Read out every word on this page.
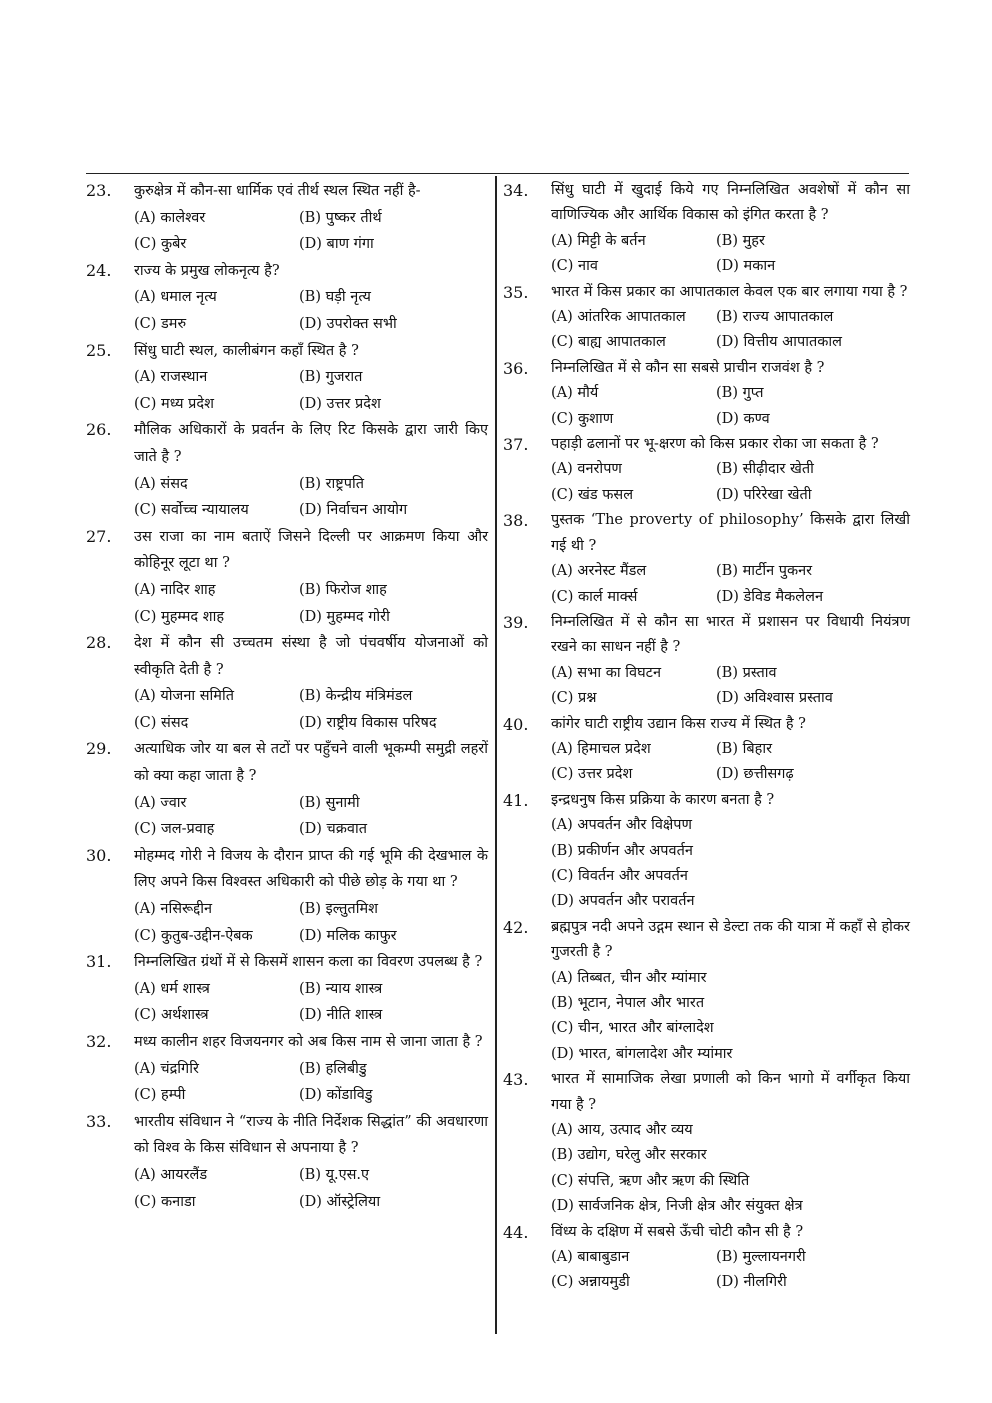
23.	कुरुक्षेत्र में कौन-सा धार्मिक एवं तीर्थ स्थल स्थित नहीं है-
(A) कालेश्वर	(B) पुष्कर तीर्थ
(C) कुबेर	(D) बाण गंगा
24.	राज्य के प्रमुख लोकनृत्य है?
(A) धमाल नृत्य	(B) घड़ी नृत्य
(C) डमरु	(D) उपरोक्त सभी
25.	सिंधु घाटी स्थल, कालीबंगन कहाँ स्थित है ?
(A) राजस्थान	(B) गुजरात
(C) मध्य प्रदेश	(D) उत्तर प्रदेश
26.	मौलिक अधिकारों के प्रवर्तन के लिए रिट किसके द्वारा जारी किए जाते है ?
(A) संसद	(B) राष्ट्रपति
(C) सर्वोच्च न्यायालय	(D) निर्वाचन आयोग
27.	उस राजा का नाम बताऐं जिसने दिल्ली पर आक्रमण किया और कोहिनूर लूटा था ?
(A) नादिर शाह	(B) फिरोज शाह
(C) मुहम्मद शाह	(D) मुहम्मद गोरी
28.	देश में कौन सी उच्चतम संस्था है जो पंचवर्षीय योजनाओं को स्वीकृति देती है ?
(A) योजना समिति	(B) केन्द्रीय मंत्रिमंडल
(C) संसद	(D) राष्ट्रीय विकास परिषद
29.	अत्याधिक जोर या बल से तटों पर पहुँचने वाली भूकम्पी समुद्री लहरों को क्या कहा जाता है ?
(A) ज्वार	(B) सुनामी
(C) जल-प्रवाह	(D) चक्रवात
30.	मोहम्मद गोरी ने विजय के दौरान प्राप्त की गई भूमि की देखभाल के लिए अपने किस विश्वस्त अधिकारी को पीछे छोड़ के गया था ?
(A) नसिरूद्दीन	(B) इल्तुतमिश
(C) कुतुब-उद्दीन-ऐबक	(D) मलिक काफुर
31.	निम्नलिखित ग्रंथों में से किसमें शासन कला का विवरण उपलब्ध है ?
(A) धर्म शास्त्र	(B) न्याय शास्त्र
(C) अर्थशास्त्र	(D) नीति शास्त्र
32.	मध्य कालीन शहर विजयनगर को अब किस नाम से जाना जाता है ?
(A) चंद्रगिरि	(B) हलिबीडु
(C) हम्पी	(D) कोंडाविडु
33.	भारतीय संविधान ने “राज्य के नीति निर्देशक सिद्धांत” की अवधारणा को विश्व के किस संविधान से अपनाया है ?
(A) आयरलैंड	(B) यू.एस.ए
(C) कनाडा	(D) ऑस्ट्रेलिया
34.	सिंधु घाटी में खुदाई किये गए निम्नलिखित अवशेषों में कौन सा वाणिज्यिक और आर्थिक विकास को इंगित करता है ?
(A) मिट्टी के बर्तन	(B) मुहर
(C) नाव	(D) मकान
35.	भारत में किस प्रकार का आपातकाल केवल एक बार लगाया गया है ?
(A) आंतरिक आपातकाल	(B) राज्य आपातकाल
(C) बाह्य आपातकाल	(D) वित्तीय आपातकाल
36.	निम्नलिखित में से कौन सा सबसे प्राचीन राजवंश है ?
(A) मौर्य	(B) गुप्त
(C) कुशाण	(D) कण्व
37.	पहाड़ी ढलानों पर भू-क्षरण को किस प्रकार रोका जा सकता है ?
(A) वनरोपण	(B) सीढ़ीदार खेती
(C) खंड फसल	(D) परिरेखा खेती
38.	पुस्तक ‘The proverty of philosophy’ किसके द्वारा लिखी गई थी ?
(A) अरनेस्ट मैंडल	(B) मार्टीन पुकनर
(C) कार्ल मार्क्स	(D) डेविड मैकलेलन
39.	निम्नलिखित में से कौन सा भारत में प्रशासन पर विधायी नियंत्रण रखने का साधन नहीं है ?
(A) सभा का विघटन	(B) प्रस्ताव
(C) प्रश्न	(D) अविश्वास प्रस्ताव
40.	कांगेर घाटी राष्ट्रीय उद्यान किस राज्य में स्थित है ?
(A) हिमाचल प्रदेश	(B) बिहार
(C) उत्तर प्रदेश	(D) छत्तीसगढ़
41.	इन्द्रधनुष किस प्रक्रिया के कारण बनता है ?
(A) अपवर्तन और विक्षेपण
(B) प्रकीर्णन और अपवर्तन
(C) विवर्तन और अपवर्तन
(D) अपवर्तन और परावर्तन
42.	ब्रह्मपुत्र नदी अपने उद्गम स्थान से डेल्टा तक की यात्रा में कहाँ से होकर गुजरती है ?
(A) तिब्बत, चीन और म्यांमार
(B) भूटान, नेपाल और भारत
(C) चीन, भारत और बांग्लादेश
(D) भारत, बांगलादेश और म्यांमार
43.	भारत में सामाजिक लेखा प्रणाली को किन भागो में वर्गीकृत किया गया है ?
(A) आय, उत्पाद और व्यय
(B) उद्योग, घरेलु और सरकार
(C) संपत्ति, ऋण और ऋण की स्थिति
(D) सार्वजनिक क्षेत्र, निजी क्षेत्र और संयुक्त क्षेत्र
44.	विंध्य के दक्षिण में सबसे ऊँची चोटी कौन सी है ?
(A) बाबाबुडान	(B) मुल्लायनगरी
(C) अन्नायमुडी	(D) नीलगिरी
